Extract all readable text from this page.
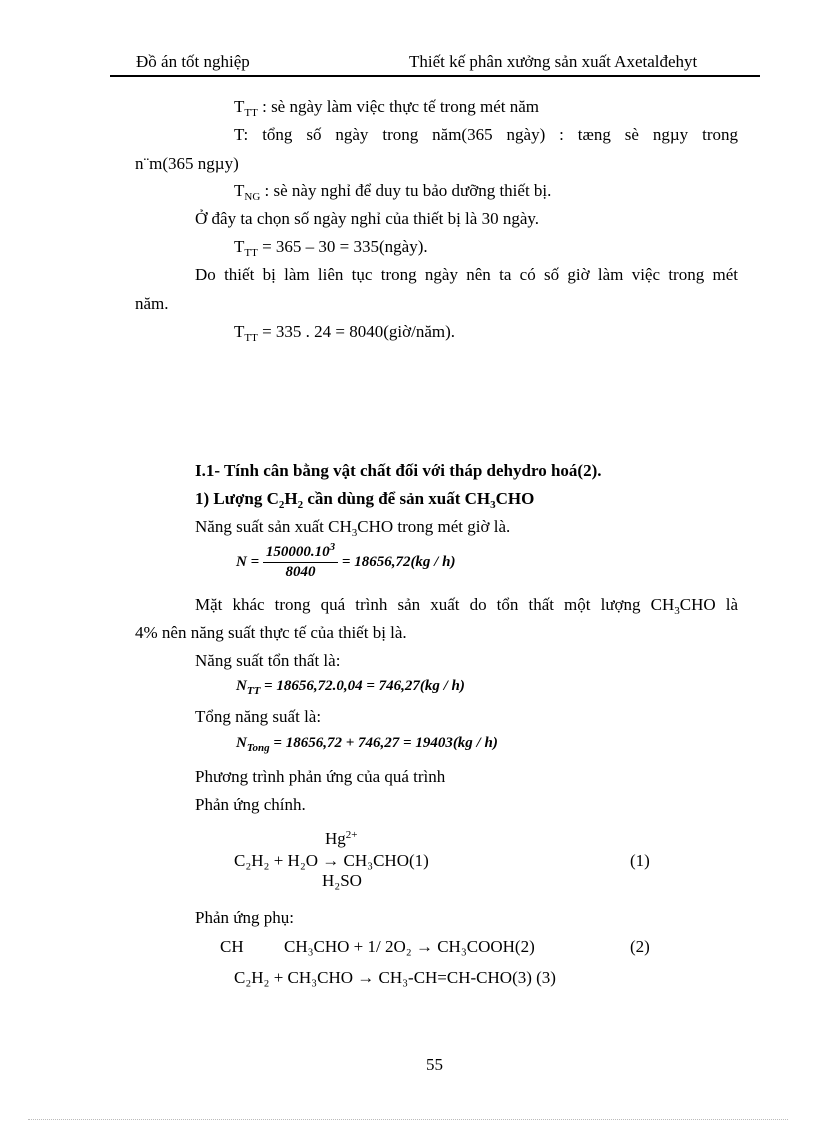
Đồ án tốt nghiệp	Thiết kế phân xưởng sản xuất Axetalđehyt
$T_{TT}$ : sè ngày làm việc thực tế trong mét năm
T: tổng số ngày trong năm(365 ngày) : tæng sè ngµy trong
n¨m(365 ngµy)
$T_{NG}$ : sè này nghỉ để duy tu bảo dưỡng thiết bị.
Ở đây ta chọn số ngày nghỉ của thiết bị là 30 ngày.
$T_{TT} = 365 - 30$ = 335(ngày).
Do thiết bị làm liên tục trong ngày nên ta có số giờ làm việc trong mét
năm.
$T_{TT} = 335$ . 24 = 8040(giờ/năm).
I.1- Tính cân bằng vật chất đối với tháp dehydro hoá(2).
1) Lượng $C_2H_2$ cần dùng để sản xuất $CH_3CHO$
Năng suất sản xuất $CH_3CHO$ trong mét giờ là.
$N = \frac{150000.10^3}{8040} = 18656,72(kg / h)$
Mặt khác trong quá trình sản xuất do tổn thất một lượng $CH_3CHO$ là
4% nên năng suất thực tế của thiết bị là.
Năng suất tổn thất là:
$N_{TT} = 18656,72.0,04 = 746,27(kg / h)$
Tổng năng suất là:
$N_{Tong} = 18656,72 + 746,27 = 19403(kg / h)$
Phương trình phản ứng của quá trình
Phản ứng chính.
$Hg^{2+}$
C₂H₂ + H₂O → CH₃CHO(1)	(1)
H₂SO
Phản ứng phụ:
CH CH₃CHO + 1/ 2O₂ → CH₃COOH(2)	(2)
C₂H₂ + CH₃CHO → CH₃-CH=CH-CHO(3) (3)
55
